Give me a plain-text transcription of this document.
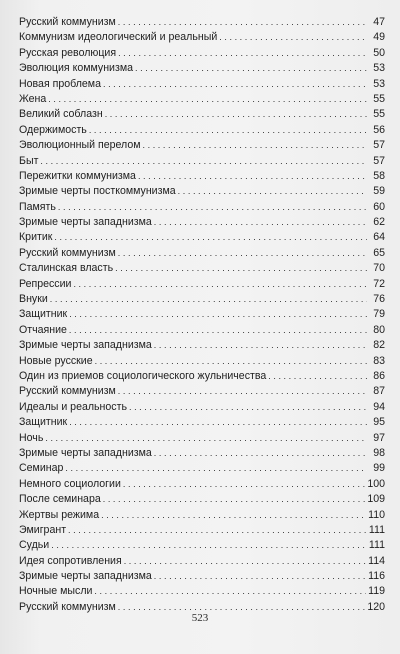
Русский коммунизм .....	47
Коммунизм идеологический и реальный .....	49
Русская революция .....	50
Эволюция коммунизма .....	53
Новая проблема .....	53
Жена .....	55
Великий соблазн .....	55
Одержимость .....	56
Эволюционный перелом .....	57
Быт .....	57
Пережитки коммунизма .....	58
Зримые черты посткоммунизма .....	59
Память .....	60
Зримые черты западнизма .....	62
Критик .....	64
Русский коммунизм .....	65
Сталинская власть .....	70
Репрессии .....	72
Внуки .....	76
Защитник .....	79
Отчаяние .....	80
Зримые черты западнизма .....	82
Новые русские .....	83
Один из приемов социологического жульничества .....	86
Русский коммунизм .....	87
Идеалы и реальность .....	94
Защитник .....	95
Ночь .....	97
Зримые черты западнизма .....	98
Семинар .....	99
Немного социологии .....	100
После семинара .....	109
Жертвы режима .....	110
Эмигрант .....	111
Судьи .....	111
Идея сопротивления .....	114
Зримые черты западнизма .....	116
Ночные мысли .....	119
Русский коммунизм .....	120
523
